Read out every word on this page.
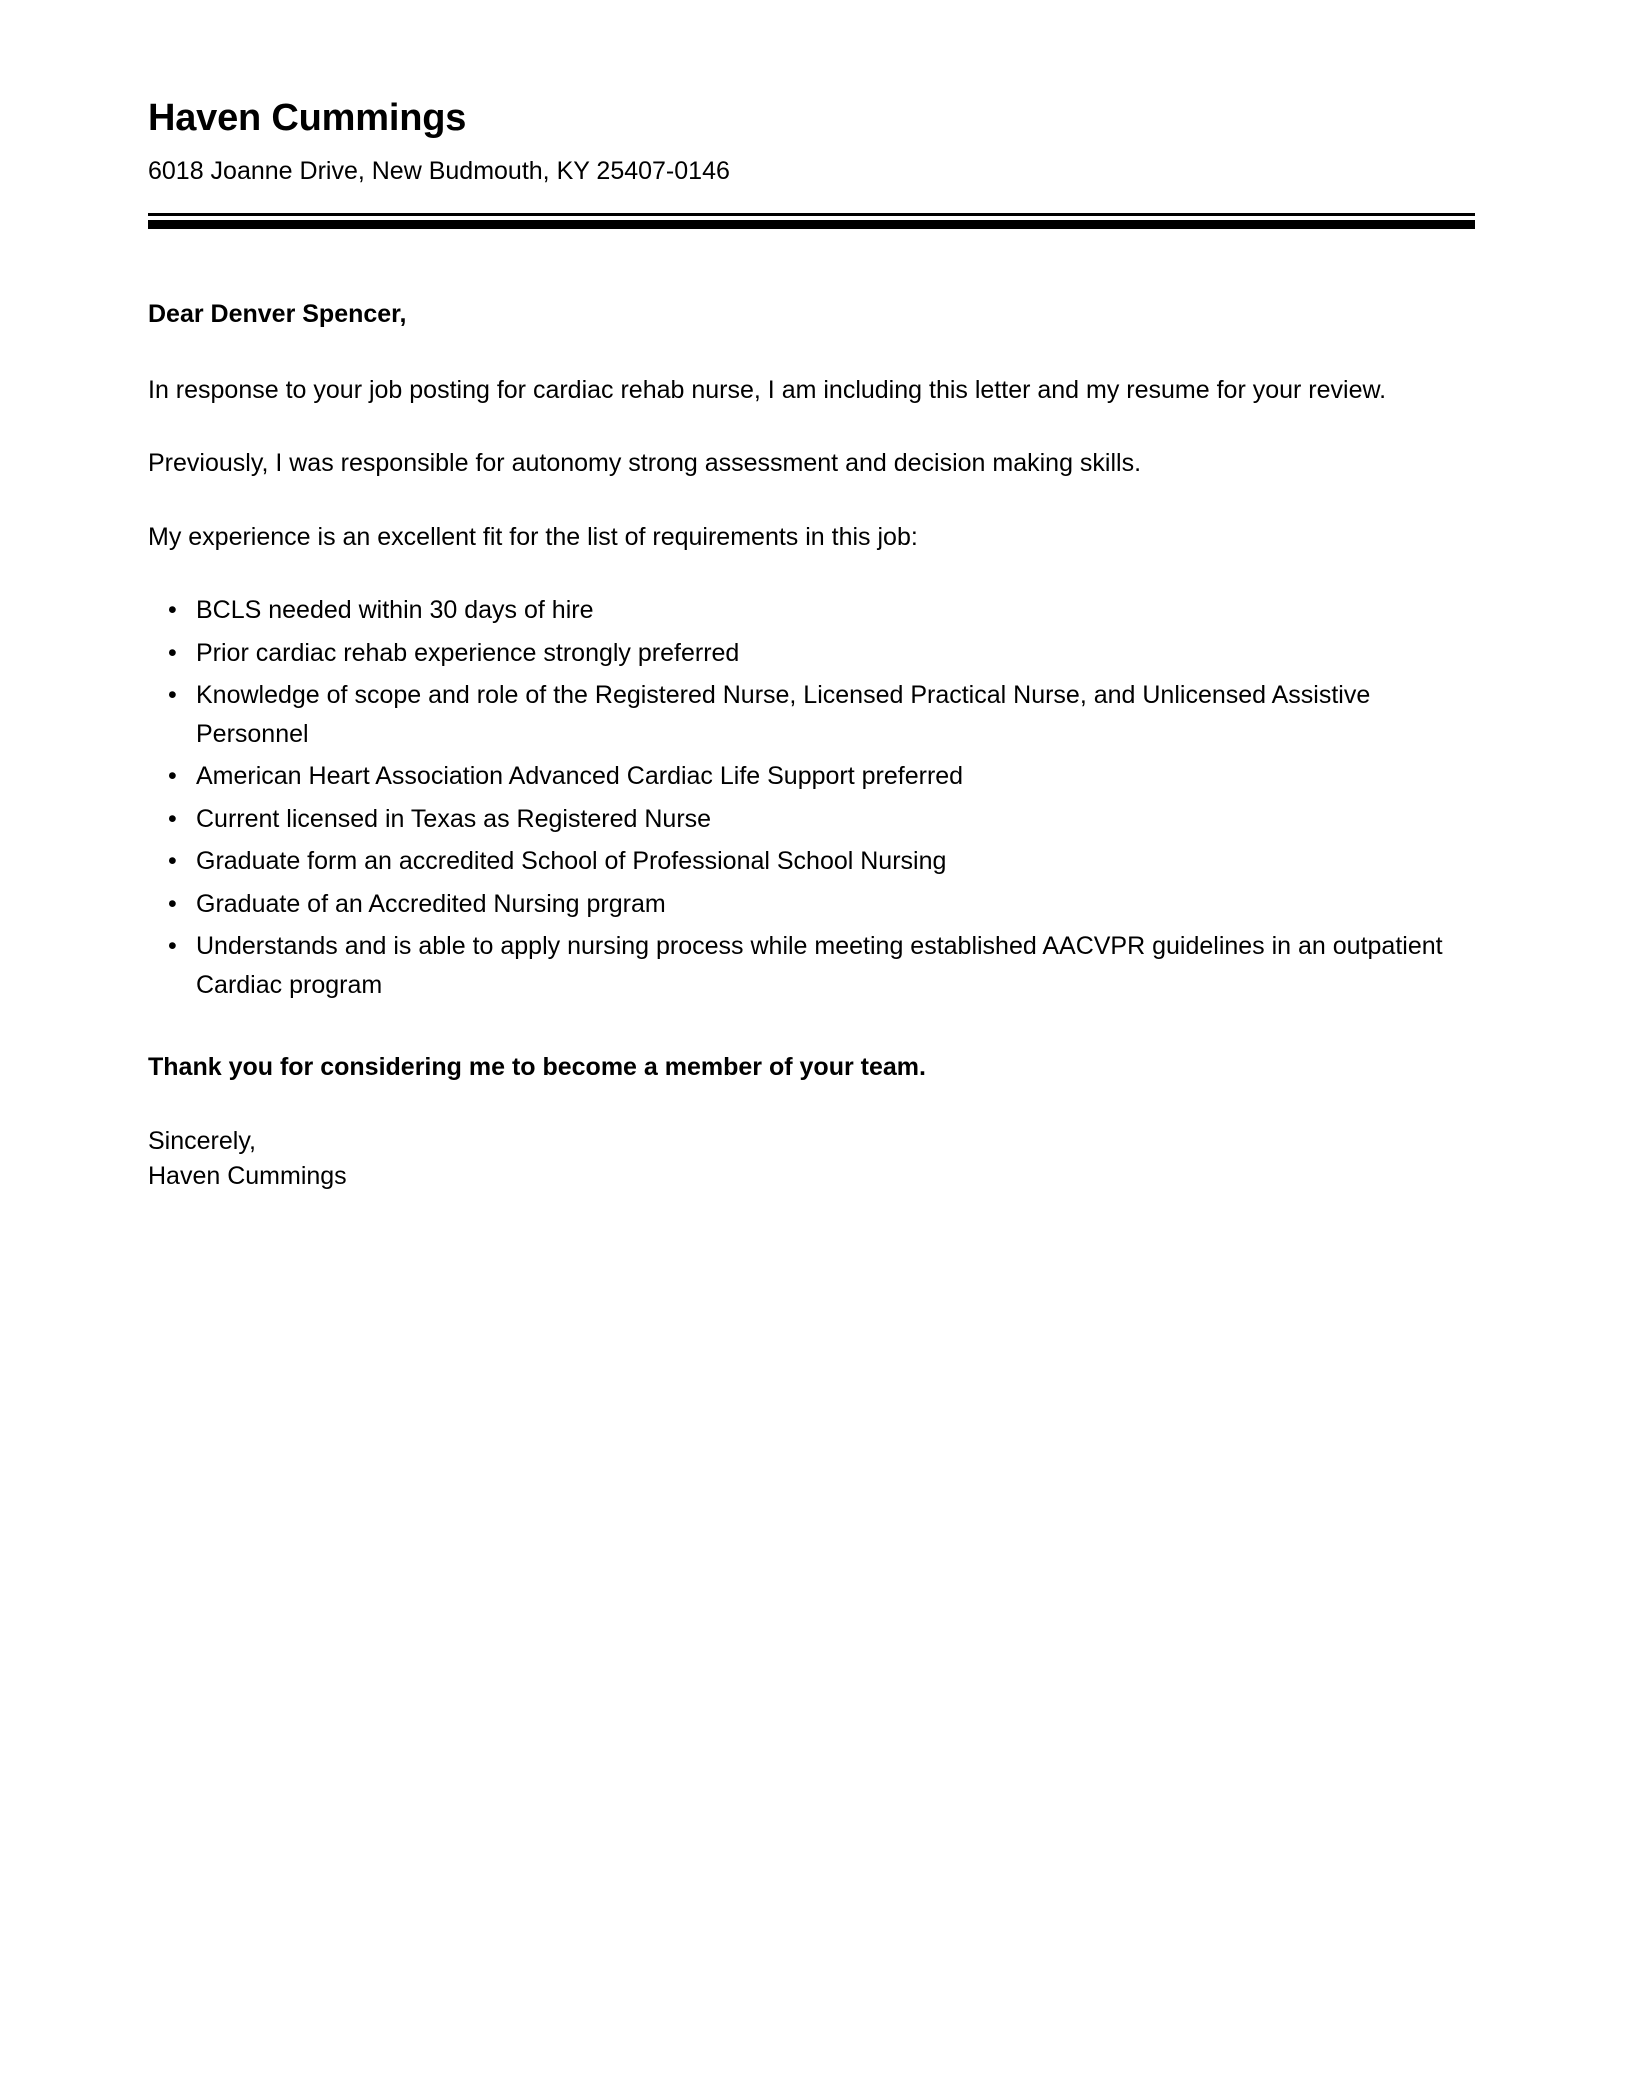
Haven Cummings

6018 Joanne Drive, New Budmouth, KY 25407-0146

Dear Denver Spencer,

In response to your job posting for cardiac rehab nurse, I am including this letter and my resume for your review.

Previously, I was responsible for autonomy strong assessment and decision making skills.

My experience is an excellent fit for the list of requirements in this job:

• BCLS needed within 30 days of hire
• Prior cardiac rehab experience strongly preferred
• Knowledge of scope and role of the Registered Nurse, Licensed Practical Nurse, and Unlicensed Assistive Personnel
• American Heart Association Advanced Cardiac Life Support preferred
• Current licensed in Texas as Registered Nurse
• Graduate form an accredited School of Professional School Nursing
• Graduate of an Accredited Nursing prgram
• Understands and is able to apply nursing process while meeting established AACVPR guidelines in an outpatient Cardiac program

Thank you for considering me to become a member of your team.

Sincerely,
Haven Cummings
